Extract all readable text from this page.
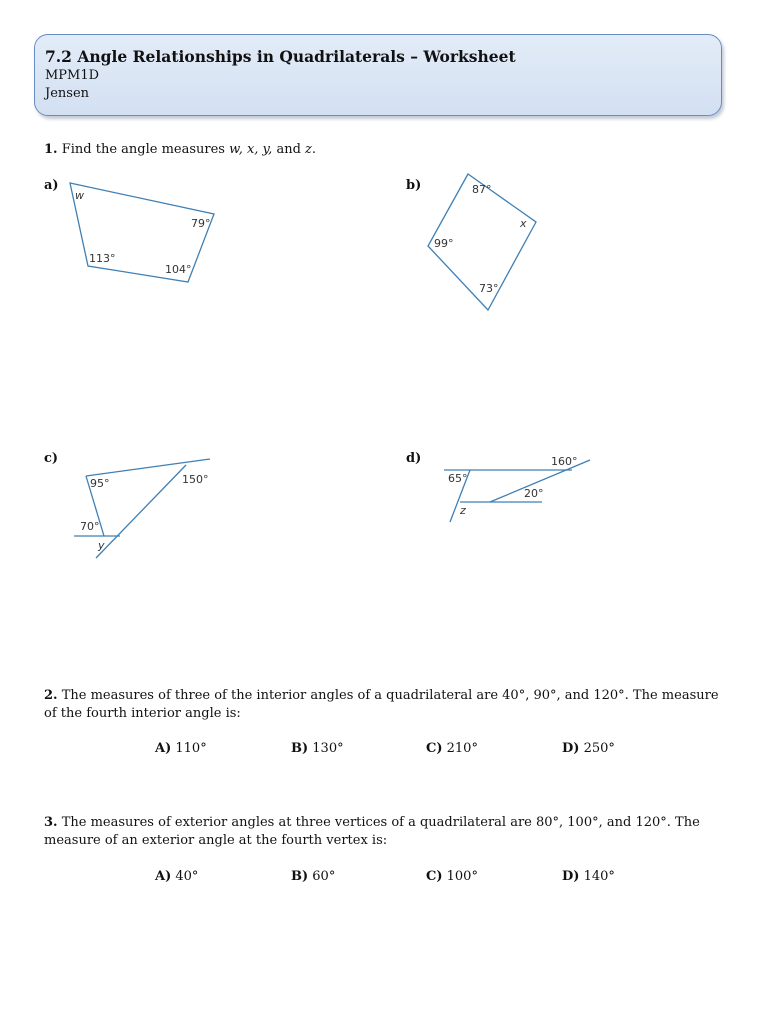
7.2 Angle Relationships in Quadrilaterals – Worksheet
MPM1D
Jensen
1. Find the angle measures w, x, y, and z.
a)
w
79°
113°
104°
b)	87°
x
99°
73°
c)
95°	150°
70°
y
d)	160°
65°
20°
z
2. The measures of three of the interior angles of a quadrilateral are 40°, 90°, and 120°. The measure of the fourth interior angle is:
A) 110°	B) 130°	C) 210°	D) 250°
3. The measures of exterior angles at three vertices of a quadrilateral are 80°, 100°, and 120°. The measure of an exterior angle at the fourth vertex is:
A) 40°	B) 60°	C) 100°	D) 140°
